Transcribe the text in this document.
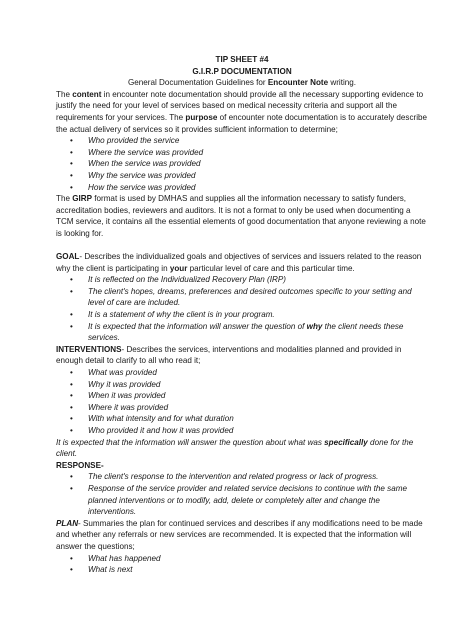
TIP SHEET #4

G.I.R.P DOCUMENTATION

General Documentation Guidelines for Encounter Note writing.

The content in encounter note documentation should provide all the necessary supporting evidence to justify the need for your level of services based on medical necessity criteria and support all the requirements for your services. The purpose of encounter note documentation is to accurately describe the actual delivery of services so it provides sufficient information to determine;

• Who provided the service
• Where the service was provided
• When the service was provided
• Why the service was provided
• How the service was provided

The GIRP format is used by DMHAS and supplies all the information necessary to satisfy funders, accreditation bodies, reviewers and auditors. It is not a format to only be used when documenting a TCM service, it contains all the essential elements of good documentation that anyone reviewing a note is looking for.

GOAL- Describes the individualized goals and objectives of services and issuers related to the reason why the client is participating in your particular level of care and this particular time.

• It is reflected on the Individualized Recovery Plan (IRP)
• The client's hopes, dreams, preferences and desired outcomes specific to your setting and level of care are included.
• It is a statement of why the client is in your program.
• It is expected that the information will answer the question of why the client needs these services.

INTERVENTIONS- Describes the services, interventions and modalities planned and provided in enough detail to clarify to all who read it;

• What was provided
• Why it was provided
• When it was provided
• Where it was provided
• With what intensity and for what duration
• Who provided it and how it was provided

It is expected that the information will answer the question about what was specifically done for the client.

RESPONSE-

• The client's response to the intervention and related progress or lack of progress.
• Response of the service provider and related service decisions to continue with the same planned interventions or to modify, add, delete or completely alter and change the interventions.

PLAN- Summaries the plan for continued services and describes if any modifications need to be made and whether any referrals or new services are recommended. It is expected that the information will answer the questions;

• What has happened
• What is next
